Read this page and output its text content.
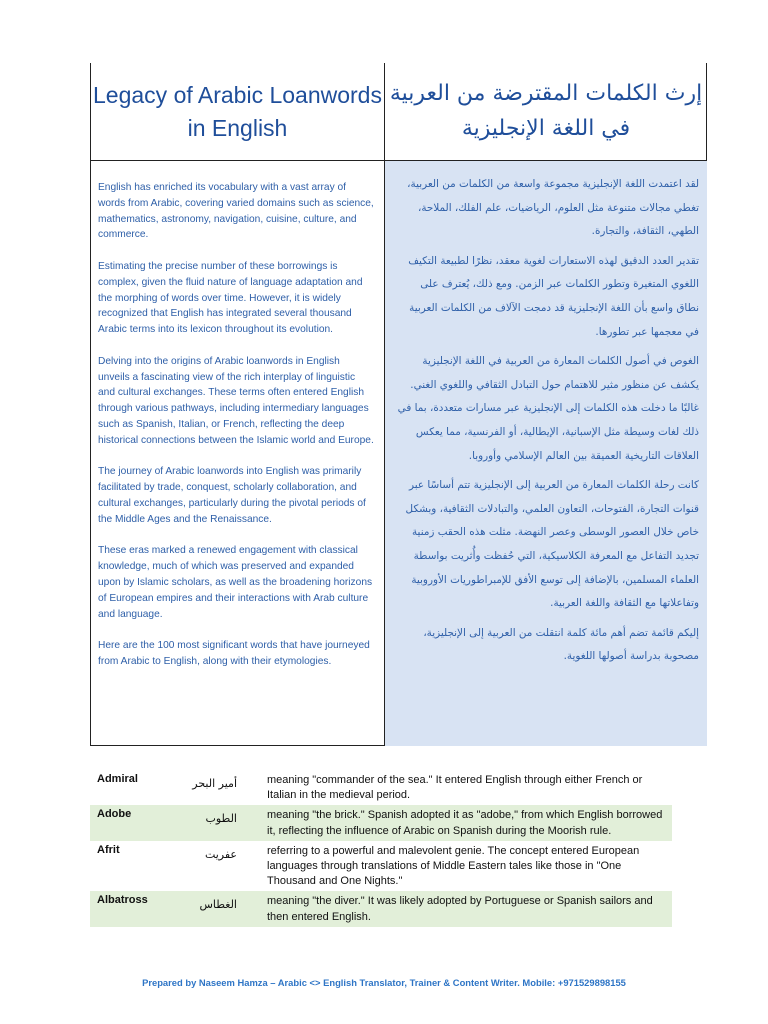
Legacy of Arabic Loanwords in English
إرث الكلمات المقترضة من العربية في اللغة الإنجليزية

English has enriched its vocabulary with a vast array of words from Arabic, covering varied domains such as science, mathematics, astronomy, navigation, cuisine, culture, and commerce.

Estimating the precise number of these borrowings is complex, given the fluid nature of language adaptation and the morphing of words over time. However, it is widely recognized that English has integrated several thousand Arabic terms into its lexicon throughout its evolution.

Delving into the origins of Arabic loanwords in English unveils a fascinating view of the rich interplay of linguistic and cultural exchanges. These terms often entered English through various pathways, including intermediary languages such as Spanish, Italian, or French, reflecting the deep historical connections between the Islamic world and Europe.

The journey of Arabic loanwords into English was primarily facilitated by trade, conquest, scholarly collaboration, and cultural exchanges, particularly during the pivotal periods of the Middle Ages and the Renaissance.

These eras marked a renewed engagement with classical knowledge, much of which was preserved and expanded upon by Islamic scholars, as well as the broadening horizons of European empires and their interactions with Arab culture and language.

Here are the 100 most significant words that have journeyed from Arabic to English, along with their etymologies.

لقد اعتمدت اللغة الإنجليزية مجموعة واسعة من الكلمات من العربية، تغطي مجالات متنوعة مثل العلوم، الرياضيات، علم الفلك، الملاحة، الطهي، الثقافة، والتجارة.

تقدير العدد الدقيق لهذه الاستعارات لغوية معقد، نظرًا لطبيعة التكيف اللغوي المتغيرة وتطور الكلمات عبر الزمن. ومع ذلك، يُعترف على نطاق واسع بأن اللغة الإنجليزية قد دمجت الآلاف من الكلمات العربية في معجمها عبر تطورها.

الغوص في أصول الكلمات المعارة من العربية في اللغة الإنجليزية يكشف عن منظور مثير للاهتمام حول التبادل الثقافي واللغوي الغني. غالبًا ما دخلت هذه الكلمات إلى الإنجليزية عبر مسارات متعددة، بما في ذلك لغات وسيطة مثل الإسبانية، الإيطالية، أو الفرنسية، مما يعكس العلاقات التاريخية العميقة بين العالم الإسلامي وأوروبا.

كانت رحلة الكلمات المعارة من العربية إلى الإنجليزية تتم أساسًا عبر قنوات التجارة، الفتوحات، التعاون العلمي، والتبادلات الثقافية، وبشكل خاص خلال العصور الوسطى وعصر النهضة. مثلت هذه الحقب زمنية تجديد التفاعل مع المعرفة الكلاسيكية، التي حُفظت وأُثريت بواسطة العلماء المسلمين، بالإضافة إلى توسع الأفق للإمبراطوريات الأوروبية وتفاعلاتها مع الثقافة واللغة العربية.

إليكم قائمة تضم أهم مائة كلمة انتقلت من العربية إلى الإنجليزية، مصحوبة بدراسة أصولها اللغوية.

Admiral	أمير البحر	meaning "commander of the sea." It entered English through either French or Italian in the medieval period.
Adobe	الطوب	meaning "the brick." Spanish adopted it as "adobe," from which English borrowed it, reflecting the influence of Arabic on Spanish during the Moorish rule.
Afrit	عفريت	referring to a powerful and malevolent genie. The concept entered European languages through translations of Middle Eastern tales like those in "One Thousand and One Nights."
Albatross	الغطاس	meaning "the diver." It was likely adopted by Portuguese or Spanish sailors and then entered English.
Prepared by Naseem Hamza – Arabic <> English Translator, Trainer & Content Writer. Mobile: +971529898155
